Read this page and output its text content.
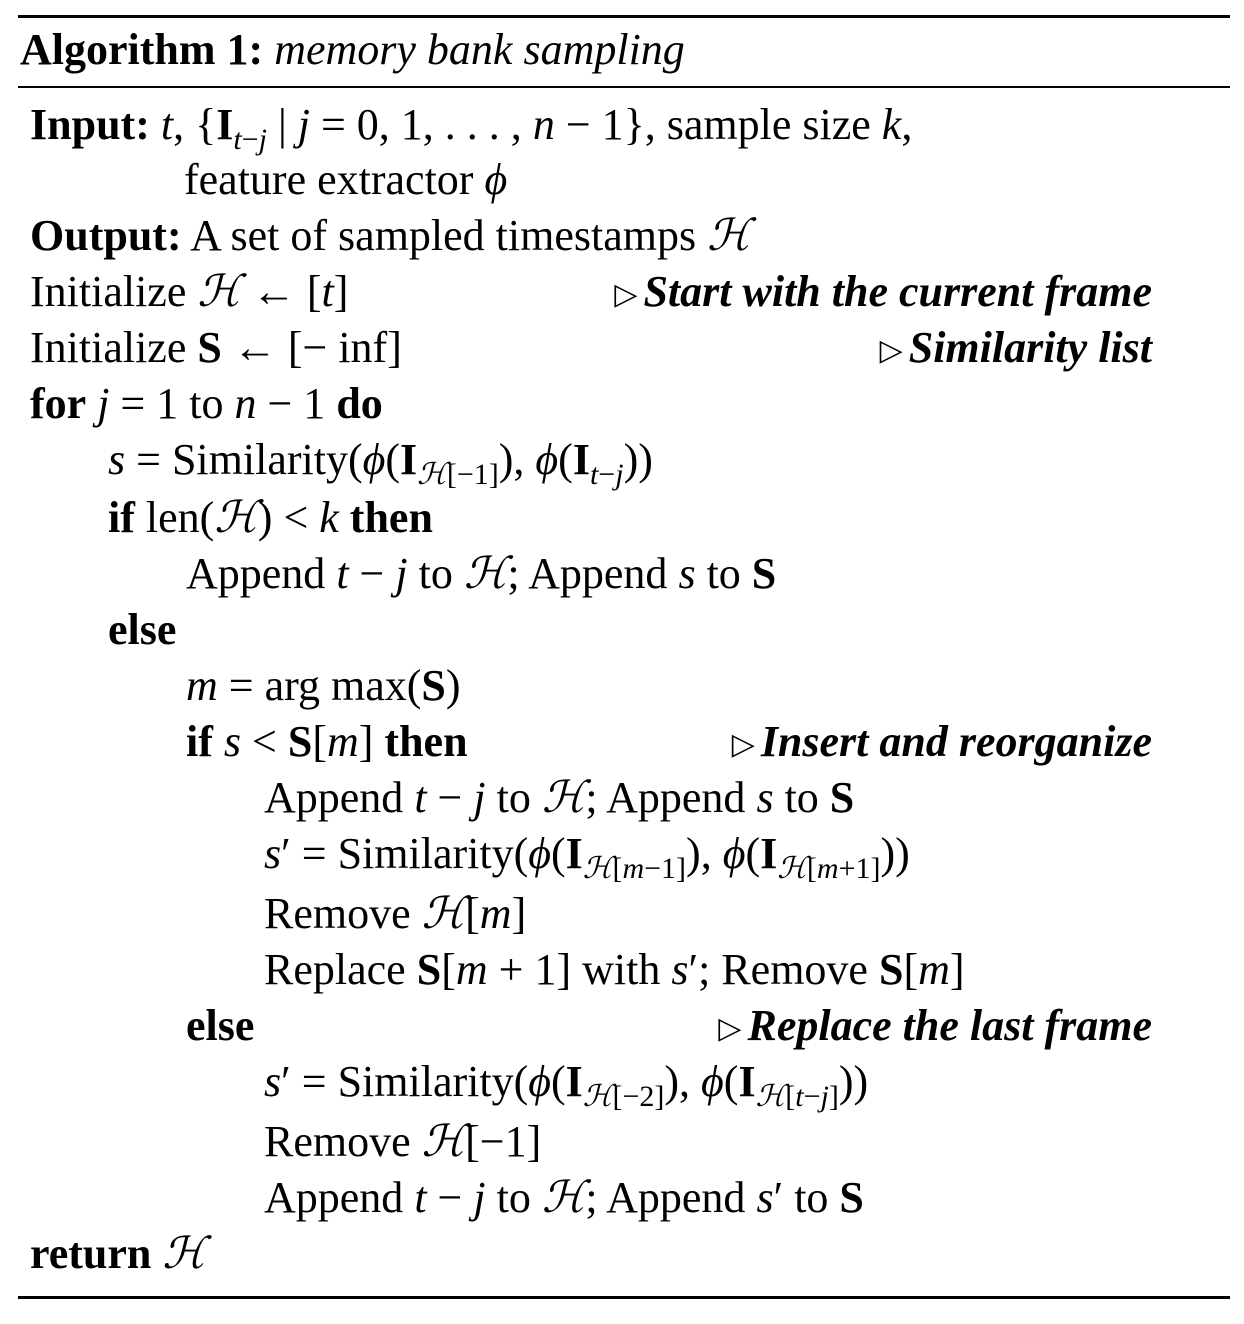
Algorithm 1: memory bank sampling
Input: t, {$I_{t-j}$ | j = 0, 1, . . . , n − 1}, sample size k,
feature extractor ϕ
Output: A set of sampled timestamps ℋ
Initialize ℋ ← [t]	▷ Start with the current frame
Initialize S ← [− inf]	▷ Similarity list
for j = 1 to n − 1 do
$s = Similarity(\phi(I_{ℋ[-1]})$, $\phi(I_{t-j})$)
if len(ℋ) < k then
Append t − j to ℋ; Append s to S
else
m = arg max(S)
if s < S[m] then	▷ Insert and reorganize
Append t − j to ℋ; Append s to S
$s' = Similarity(\phi(I_{ℋ[m-1]})$, $\phi(I_{ℋ[m+1]})$)
Remove ℋ[m]
Replace S[m + 1] with s′; Remove S[m]
else	▷ Replace the last frame
$s' = Similarity(\phi(I_{ℋ[-2]})$, $\phi(I_{ℋ[t-j]})$)
Remove ℋ[−1]
Append t − j to ℋ; Append s′ to S
return ℋ
